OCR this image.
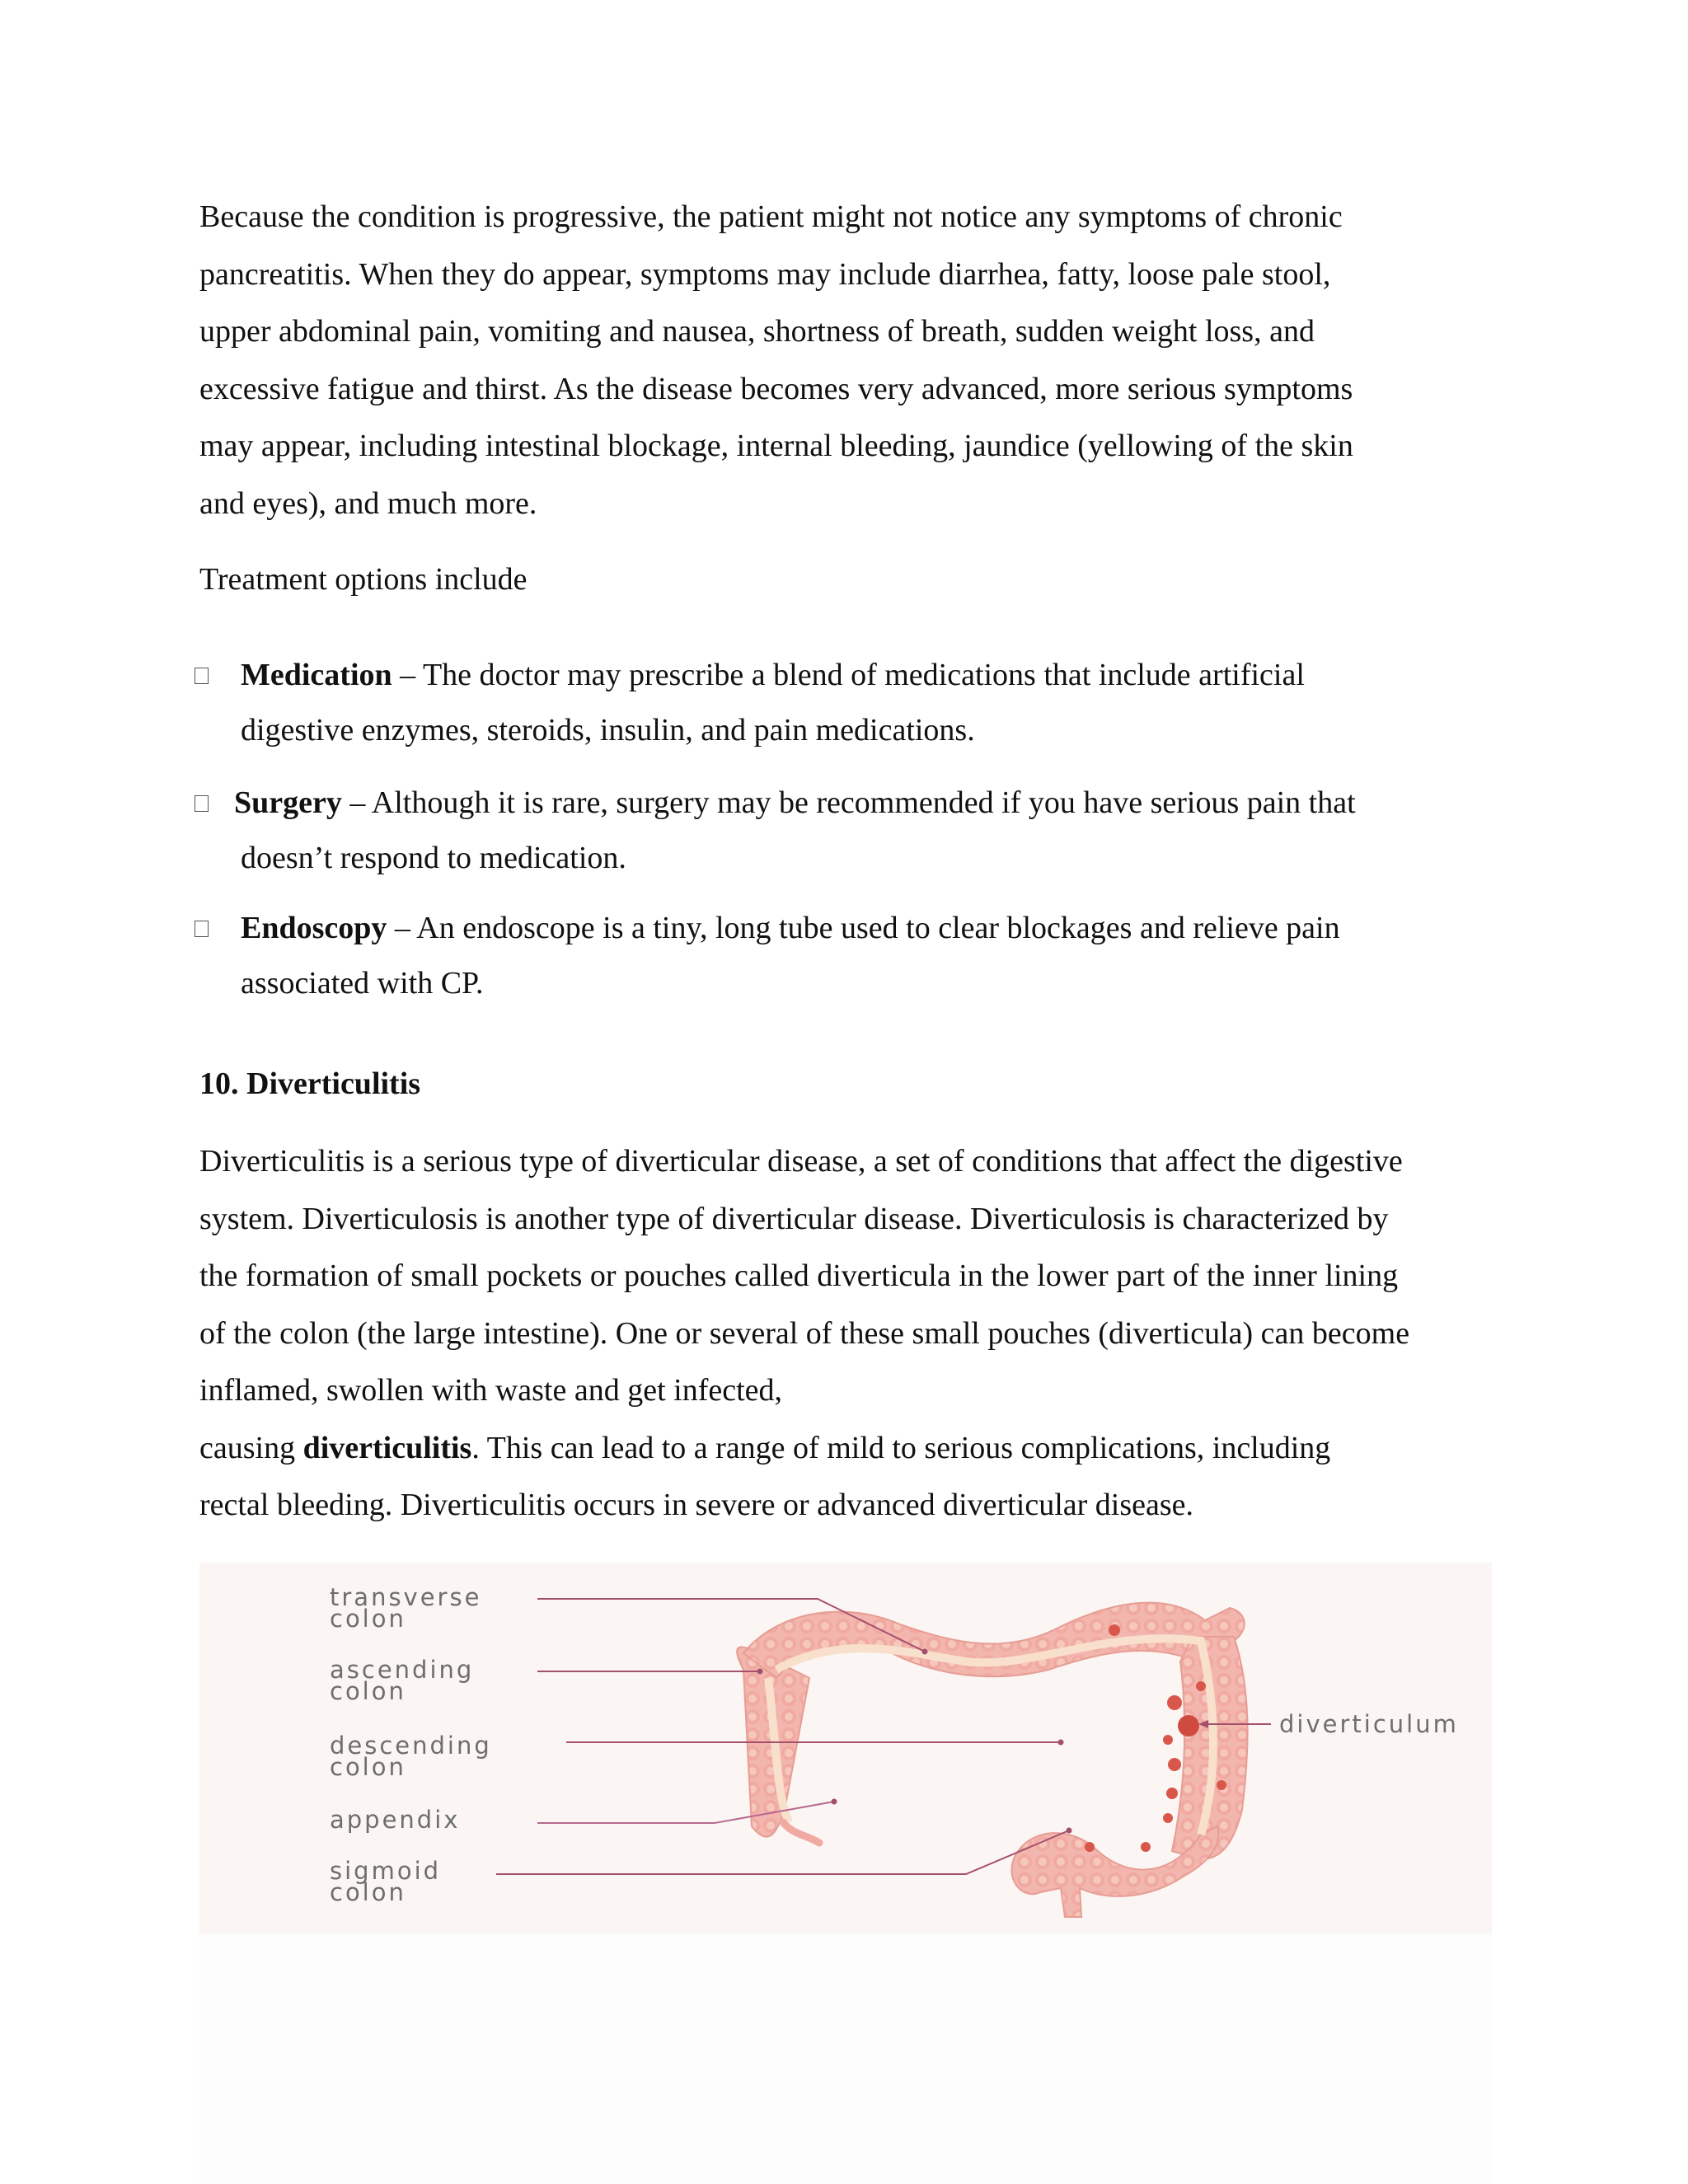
Because the condition is progressive, the patient might not notice any symptoms of chronic
pancreatitis. When they do appear, symptoms may include diarrhea, fatty, loose pale stool,
upper abdominal pain, vomiting and nausea, shortness of breath, sudden weight loss, and
excessive fatigue and thirst. As the disease becomes very advanced, more serious symptoms
may appear, including intestinal blockage, internal bleeding, jaundice (yellowing of the skin
and eyes), and much more.
Treatment options include
Medication – The doctor may prescribe a blend of medications that include artificial
digestive enzymes, steroids, insulin, and pain medications.
Surgery – Although it is rare, surgery may be recommended if you have serious pain that
doesn’t respond to medication.
Endoscopy – An endoscope is a tiny, long tube used to clear blockages and relieve pain
associated with CP.
10. Diverticulitis
Diverticulitis is a serious type of diverticular disease, a set of conditions that affect the digestive
system. Diverticulosis is another type of diverticular disease. Diverticulosis is characterized by
the formation of small pockets or pouches called diverticula in the lower part of the inner lining
of the colon (the large intestine). One or several of these small pouches (diverticula) can become
inflamed, swollen with waste and get infected,
causing diverticulitis. This can lead to a range of mild to serious complications, including
rectal bleeding. Diverticulitis occurs in severe or advanced diverticular disease.
transverse
colon
ascending
colon
descending
colon
appendix
sigmoid
colon
diverticulum
